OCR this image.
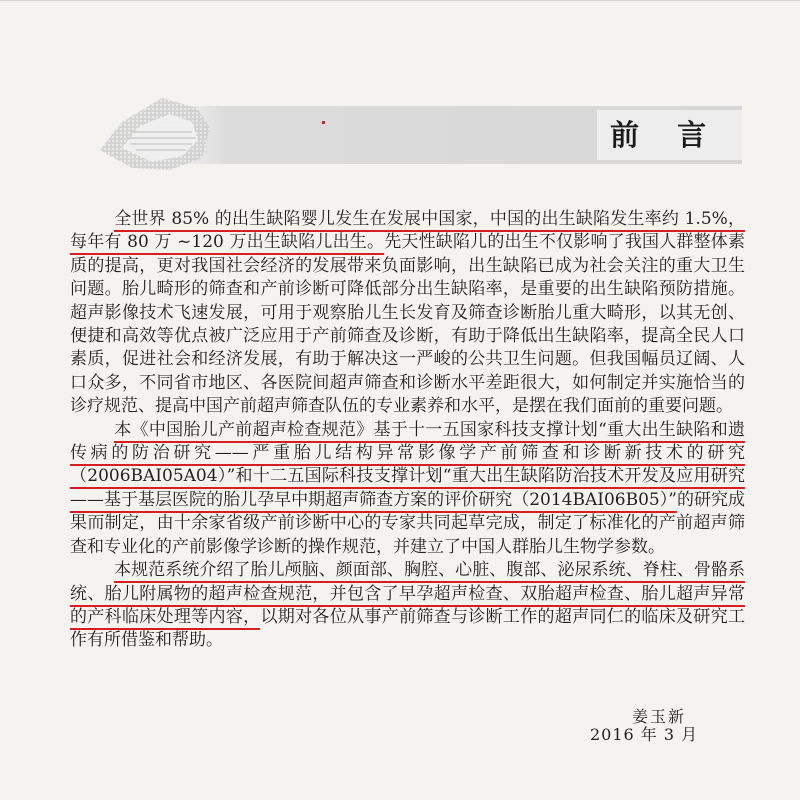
前 言

全世界 85% 的出生缺陷婴儿发生在发展中国家，中国的出生缺陷发生率约 1.5%，每年有 80 万 ~120 万出生缺陷儿出生。先天性缺陷儿的出生不仅影响了我国人群整体素质的提高，更对我国社会经济的发展带来负面影响，出生缺陷已成为社会关注的重大卫生问题。胎儿畸形的筛查和产前诊断可降低部分出生缺陷率，是重要的出生缺陷预防措施。超声影像技术飞速发展，可用于观察胎儿生长发育及筛查诊断胎儿重大畸形，以其无创、便捷和高效等优点被广泛应用于产前筛查及诊断，有助于降低出生缺陷率，提高全民人口素质，促进社会和经济发展，有助于解决这一严峻的公共卫生问题。但我国幅员辽阔、人口众多，不同省市地区、各医院间超声筛查和诊断水平差距很大，如何制定并实施恰当的诊疗规范、提高中国产前超声筛查队伍的专业素养和水平，是摆在我们面前的重要问题。

本《中国胎儿产前超声检查规范》基于十一五国家科技支撑计划“重大出生缺陷和遗传病的防治研究——严重胎儿结构异常影像学产前筛查和诊断新技术的研究（2006BAI05A04）”和十二五国际科技支撑计划“重大出生缺陷防治技术开发及应用研究——基于基层医院的胎儿孕早中期超声筛查方案的评价研究（2014BAI06B05）”的研究成果而制定，由十余家省级产前诊断中心的专家共同起草完成，制定了标准化的产前超声筛查和专业化的产前影像学诊断的操作规范，并建立了中国人群胎儿生物学参数。

本规范系统介绍了胎儿颅脑、颜面部、胸腔、心脏、腹部、泌尿系统、脊柱、骨骼系统、胎儿附属物的超声检查规范，并包含了早孕超声检查、双胎超声检查、胎儿超声异常的产科临床处理等内容，以期对各位从事产前筛查与诊断工作的超声同仁的临床及研究工作有所借鉴和帮助。

姜玉新
2016 年 3 月
